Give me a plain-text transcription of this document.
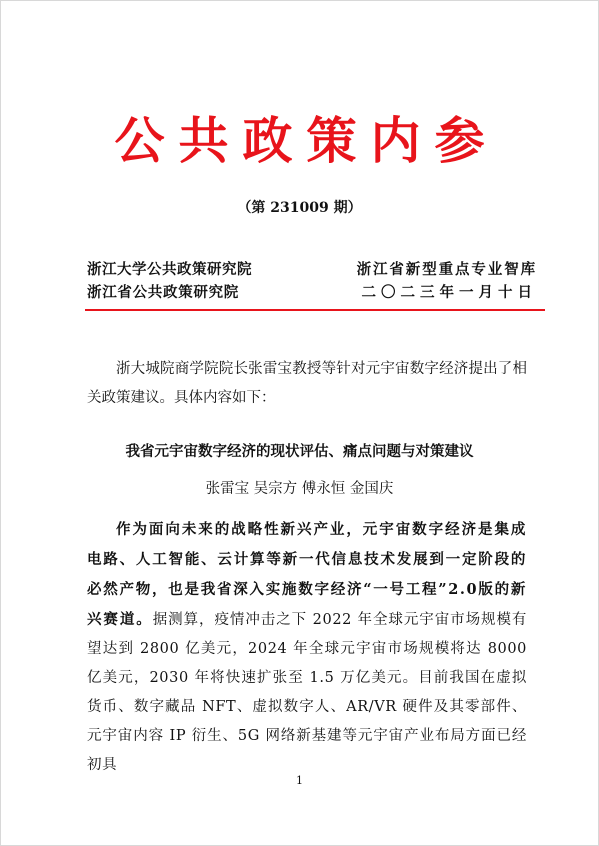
公共政策内参
（第 231009 期）
浙江大学公共政策研究院	浙江省新型重点专业智库
浙江省公共政策研究院	二〇二三年一月十日
浙大城院商学院院长张雷宝教授等针对元宇宙数字经济提出了相关政策建议。具体内容如下：
我省元宇宙数字经济的现状评估、痛点问题与对策建议
张雷宝 吴宗方 傅永恒 金国庆
作为面向未来的战略性新兴产业，元宇宙数字经济是集成电路、人工智能、云计算等新一代信息技术发展到一定阶段的必然产物，也是我省深入实施数字经济“一号工程”2.0版的新兴赛道。据测算，疫情冲击之下 2022 年全球元宇宙市场规模有望达到 2800 亿美元，2024 年全球元宇宙市场规模将达 8000 亿美元，2030 年将快速扩张至 1.5 万亿美元。目前我国在虚拟货币、数字藏品 NFT、虚拟数字人、AR/VR 硬件及其零部件、元宇宙内容 IP 衍生、5G 网络新基建等元宇宙产业布局方面已经初具
1
